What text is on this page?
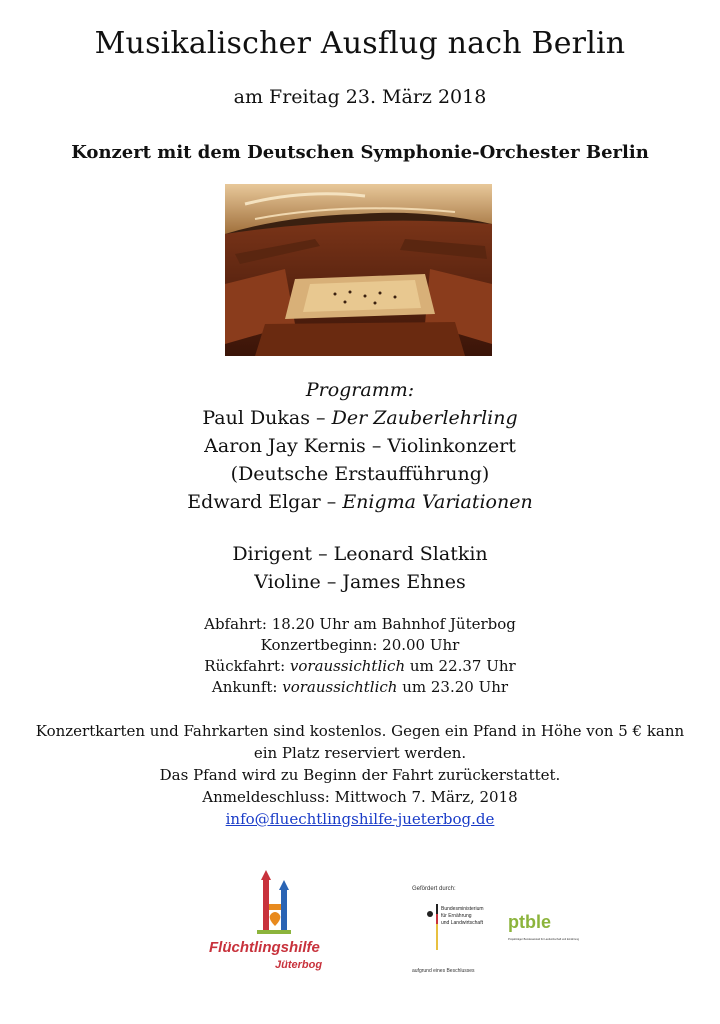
Musikalischer Ausflug nach Berlin
am Freitag 23. März 2018
Konzert mit dem Deutschen Symphonie-Orchester Berlin
Programm:
Paul Dukas – Der Zauberlehrling
Aaron Jay Kernis – Violinkonzert
(Deutsche Erstaufführung)
Edward Elgar – Enigma Variationen
Dirigent – Leonard Slatkin
Violine – James Ehnes
Abfahrt: 18.20 Uhr am Bahnhof Jüterbog
Konzertbeginn: 20.00 Uhr
Rückfahrt: voraussichtlich um 22.37 Uhr
Ankunft: voraussichtlich um 23.20 Uhr
Konzertkarten und Fahrkarten sind kostenlos. Gegen ein Pfand in Höhe von 5 € kann ein Platz reserviert werden.
Das Pfand wird zu Beginn der Fahrt zurückerstattet.
Anmeldeschluss: Mittwoch 7. März, 2018
info@fluechtlingshilfe-jueterbog.de
Flüchtlingshilfe
Jüterbog
Gefördert durch:
Bundesministerium
für Ernährung
und Landwirtschaft ptble
Projektträger Bundesanstalt für Landwirtschaft und Ernährung
aufgrund eines Beschlusses
